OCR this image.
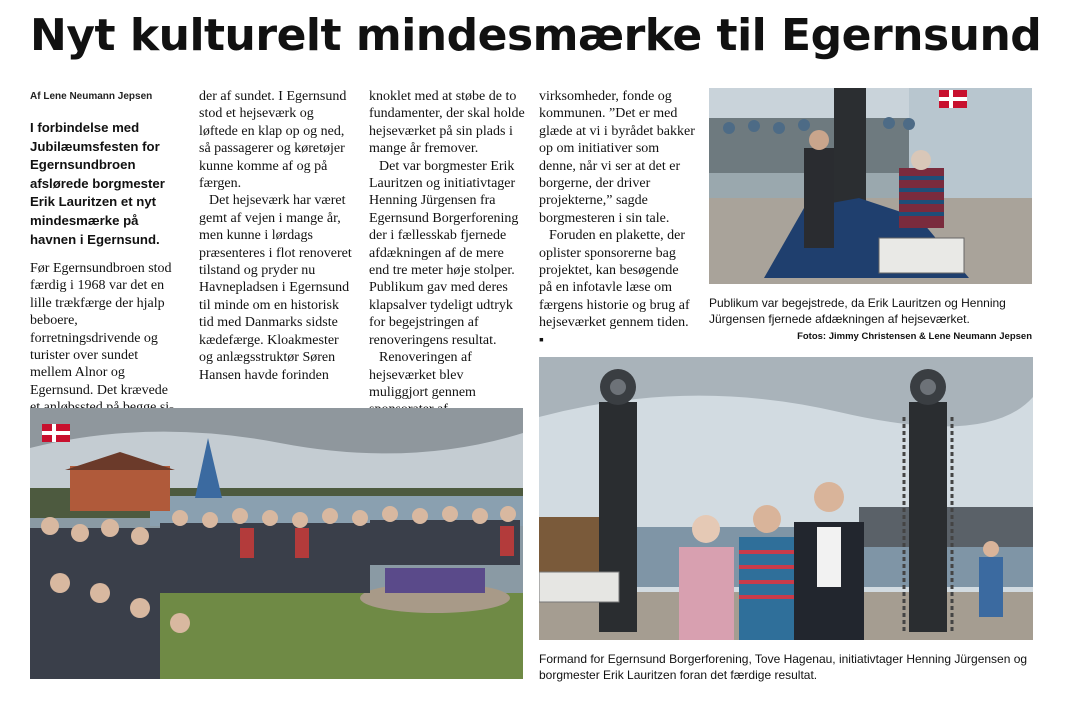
Nyt kulturelt mindesmærke til Egernsund
Af Lene Neumann Jepsen

I forbindelse med Jubilæumsfesten for Egernsundbroen afslørede borgmester Erik Lauritzen et nyt mindesmærke på havnen i Egernsund.

Før Egernsundbroen stod færdig i 1968 var det en lille trækfærge der hjalp beboere, forretningsdrivende og turister over sundet mellem Alnor og Egernsund. Det krævede

der af sundet. I Egernsund stod et hejseværk og løftede en klap op og ned, så passagerer og køretøjer kunne komme af og på færgen.

Det hejseværk har været gemt af vejen i mange år, men kunne i lørdags præsenteres i flot renoveret tilstand og pryder nu Havnepladsen i Egernsund til minde om en historisk tid med Danmarks sidste kædefærge. Kloakmester og anlægsstruktør Søren Hansen havde forinden

knoklet med at støbe de to fundamenter, der skal holde hejseværket på sin plads i mange år fremover.

Det var borgmester Erik Lauritzen og initiativtager Henning Jürgensen fra Egernsund Borgerforening der i fællesskab fjernede afdækningen af de mere end tre meter høje stolper. Publikum gav med deres klapsalver tydeligt udtryk for begejstringen af renoveringens resultat.

Renoveringen af hejseværket blev muliggjort gennem

virksomheder, fonde og kommunen. ”Det er med glæde at vi i byrådet bakker op om initiativer som denne, når vi ser at det er borgerne, der driver projekterne,” sagde borgmesteren i sin tale.

Foruden en plakette, der oplister sponsorerne bag projektet, kan besøgende på en infotavle læse om færgens historie og brug af hejseværket gennem tiden. ▪

Publikum var begejstrede, da Erik Lauritzen og Henning Jürgensen fjernede afdækningen af hejseværket.

Fotos: Jimmy Christensen & Lene Neumann Jepsen

Formand for Egernsund Borgerforening, Tove Hagenau, initiativtager Henning Jürgensen og borgmester Erik Lauritzen foran det færdige resultat.
